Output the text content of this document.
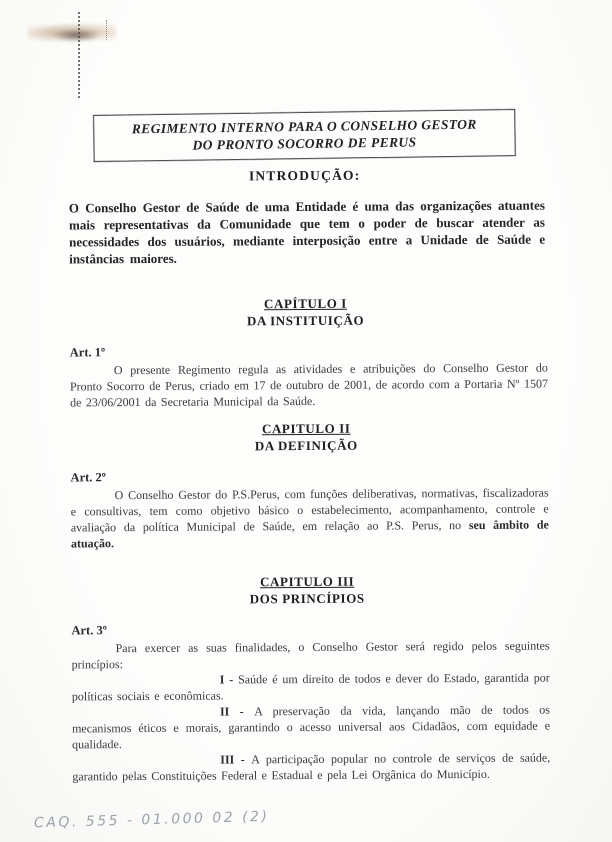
REGIMENTO INTERNO PARA O CONSELHO GESTOR
DO PRONTO SOCORRO DE PERUS
INTRODUÇÃO:

O Conselho Gestor de Saúde de uma Entidade é uma das organizações atuantes mais representativas da Comunidade que tem o poder de buscar atender as necessidades dos usuários, mediante interposição entre a Unidade de Saúde e instâncias maiores.

CAPÍTULO I
DA INSTITUIÇÃO
Art. 1º

O presente Regimento regula as atividades e atribuições do Conselho Gestor do Pronto Socorro de Perus, criado em 17 de outubro de 2001, de acordo com a Portaria Nº 1507 de 23/06/2001 da Secretaria Municipal da Saúde.

CAPITULO II
DA DEFINIÇÃO
Art. 2º

O Conselho Gestor do P.S.Perus, com funções deliberativas, normativas, fiscalizadoras e consultivas, tem como objetivo básico o estabelecimento, acompanhamento, controle e avaliação da política Municipal de Saúde, em relação ao P.S. Perus, no seu âmbito de atuação.

CAPITULO III
DOS PRINCÍPIOS
Art. 3º

Para exercer as suas finalidades, o Conselho Gestor será regido pelos seguintes princípios:

I - Saúde é um direito de todos e dever do Estado, garantida por políticas sociais e econômicas.

II - A preservação da vida, lançando mão de todos os mecanismos éticos e morais, garantindo o acesso universal aos Cidadãos, com equidade e qualidade.

III - A participação popular no controle de serviços de saúde, garantido pelas Constituições Federal e Estadual e pela Lei Orgânica do Município.

CAQ. 555 - 01.000 02 (2)
